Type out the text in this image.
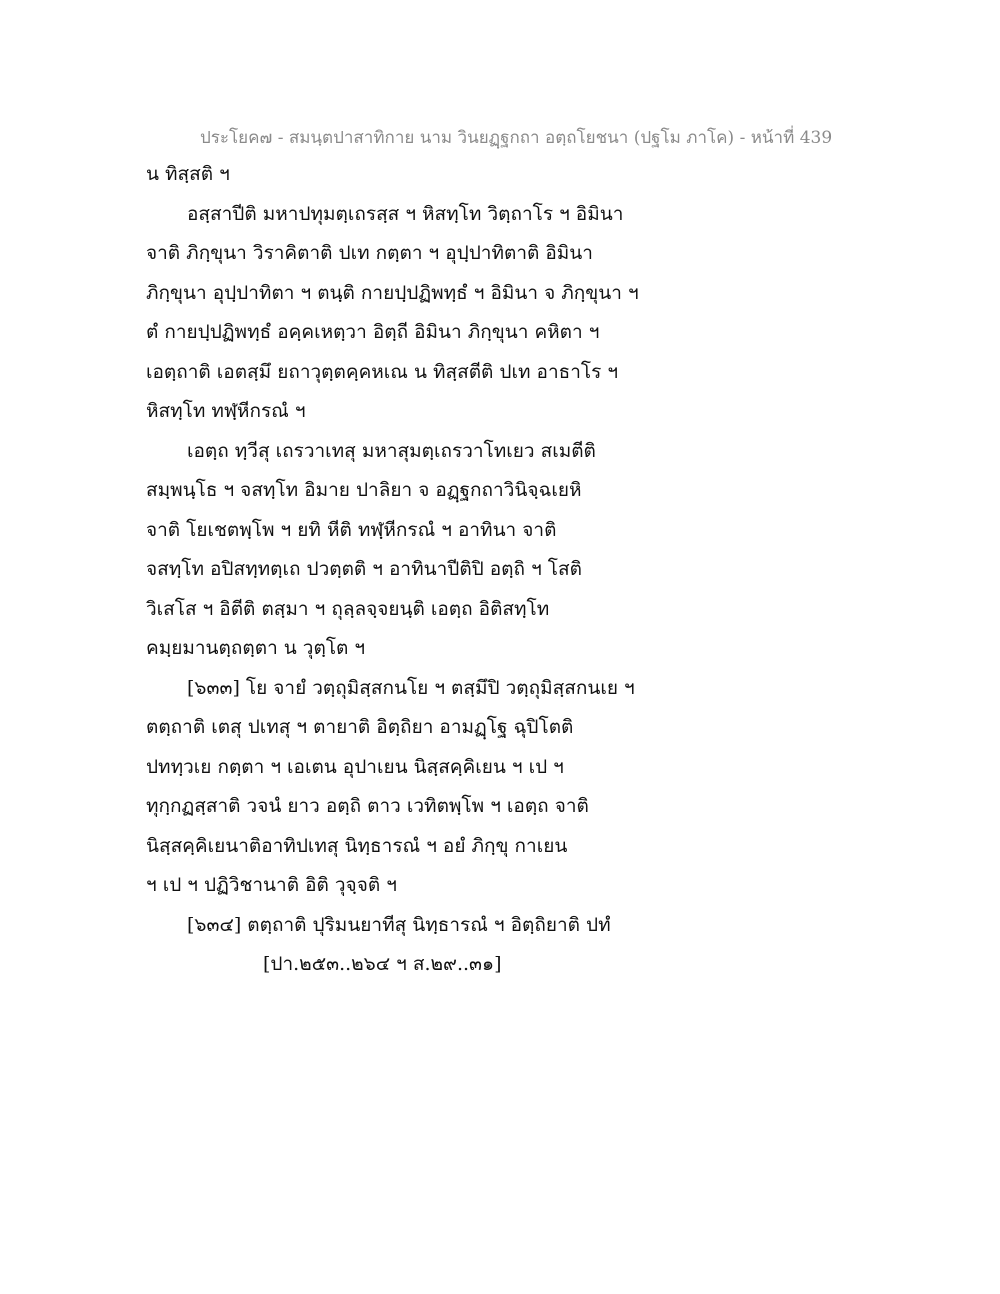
ประโยค๗ - สมนฺตปาสาทิกาย นาม วินยฏฺฐกถา อตฺถโยชนา (ปฐโม ภาโค) - หน้าที่ 439
น ทิสฺสติ ฯ
อสฺสาปีติ มหาปทุมตฺเถรสฺส ฯ หิสทฺโท วิตฺถาโร ฯ อิมินา
จาติ ภิกฺขุนา วิราคิตาติ ปเท กตฺตา ฯ อุปฺปาทิตาติ อิมินา
ภิกฺขุนา อุปฺปาทิตา ฯ ตนฺติ กายปฺปฏิพทฺธํ ฯ อิมินา จ ภิกฺขุนา ฯ
ตํ กายปฺปฏิพทฺธํ อคฺคเหตฺวา อิตฺถี อิมินา ภิกฺขุนา คหิตา ฯ
เอตฺถาติ เอตสฺมึ ยถาวุตฺตคฺคหเณ น ทิสฺสตีติ ปเท อาธาโร ฯ
หิสทฺโท ทฬฺหีกรณํ ฯ
เอตฺถ ทฺวีสุ เถรวาเทสุ มหาสุมตฺเถรวาโทเยว สเมตีติ
สมฺพนฺโธ ฯ จสทฺโท อิมาย ปาลิยา จ อฏฺฐกถาวินิจฺฉเยหิ
จาติ โยเชตพฺโพ ฯ ยทิ หีติ ทฬฺหีกรณํ ฯ อาทินา จาติ
จสทฺโท อปิสทฺทตฺเถ ปวตฺตติ ฯ อาทินาปีติปิ อตฺถิ ฯ โสติ
วิเสโส ฯ อิตีติ ตสฺมา ฯ ถุลฺลจฺจยนฺติ เอตฺถ อิติสทฺโท
คมฺยมานตฺถตฺตา น วุตฺโต ฯ
[๖๓๓] โย จายํ วตฺถุมิสฺสกนโย ฯ ตสฺมึปิ วตฺถุมิสฺสกนเย ฯ
ตตฺถาติ เตสุ ปเทสุ ฯ ตายาติ อิตฺถิยา อามฏฺโฐ ฉุปิโตติ
ปททฺวเย กตฺตา ฯ เอเตน อุปาเยน นิสฺสคฺคิเยน ฯ เป ฯ
ทุกฺกฏสฺสาติ วจนํ ยาว อตฺถิ ตาว เวทิตพฺโพ ฯ เอตฺถ จาติ
นิสฺสคฺคิเยนาติอาทิปเทสุ นิทฺธารณํ ฯ อยํ ภิกฺขุ กาเยน
ฯ เป ฯ ปฏิวิชานาติ อิติ วุจฺจติ ฯ
[๖๓๔] ตตฺถาติ ปุริมนยาทีสุ นิทฺธารณํ ฯ อิตฺถิยาติ ปทํ
[ปา.๒๕๓..๒๖๔ ฯ ส.๒๙..๓๑]
